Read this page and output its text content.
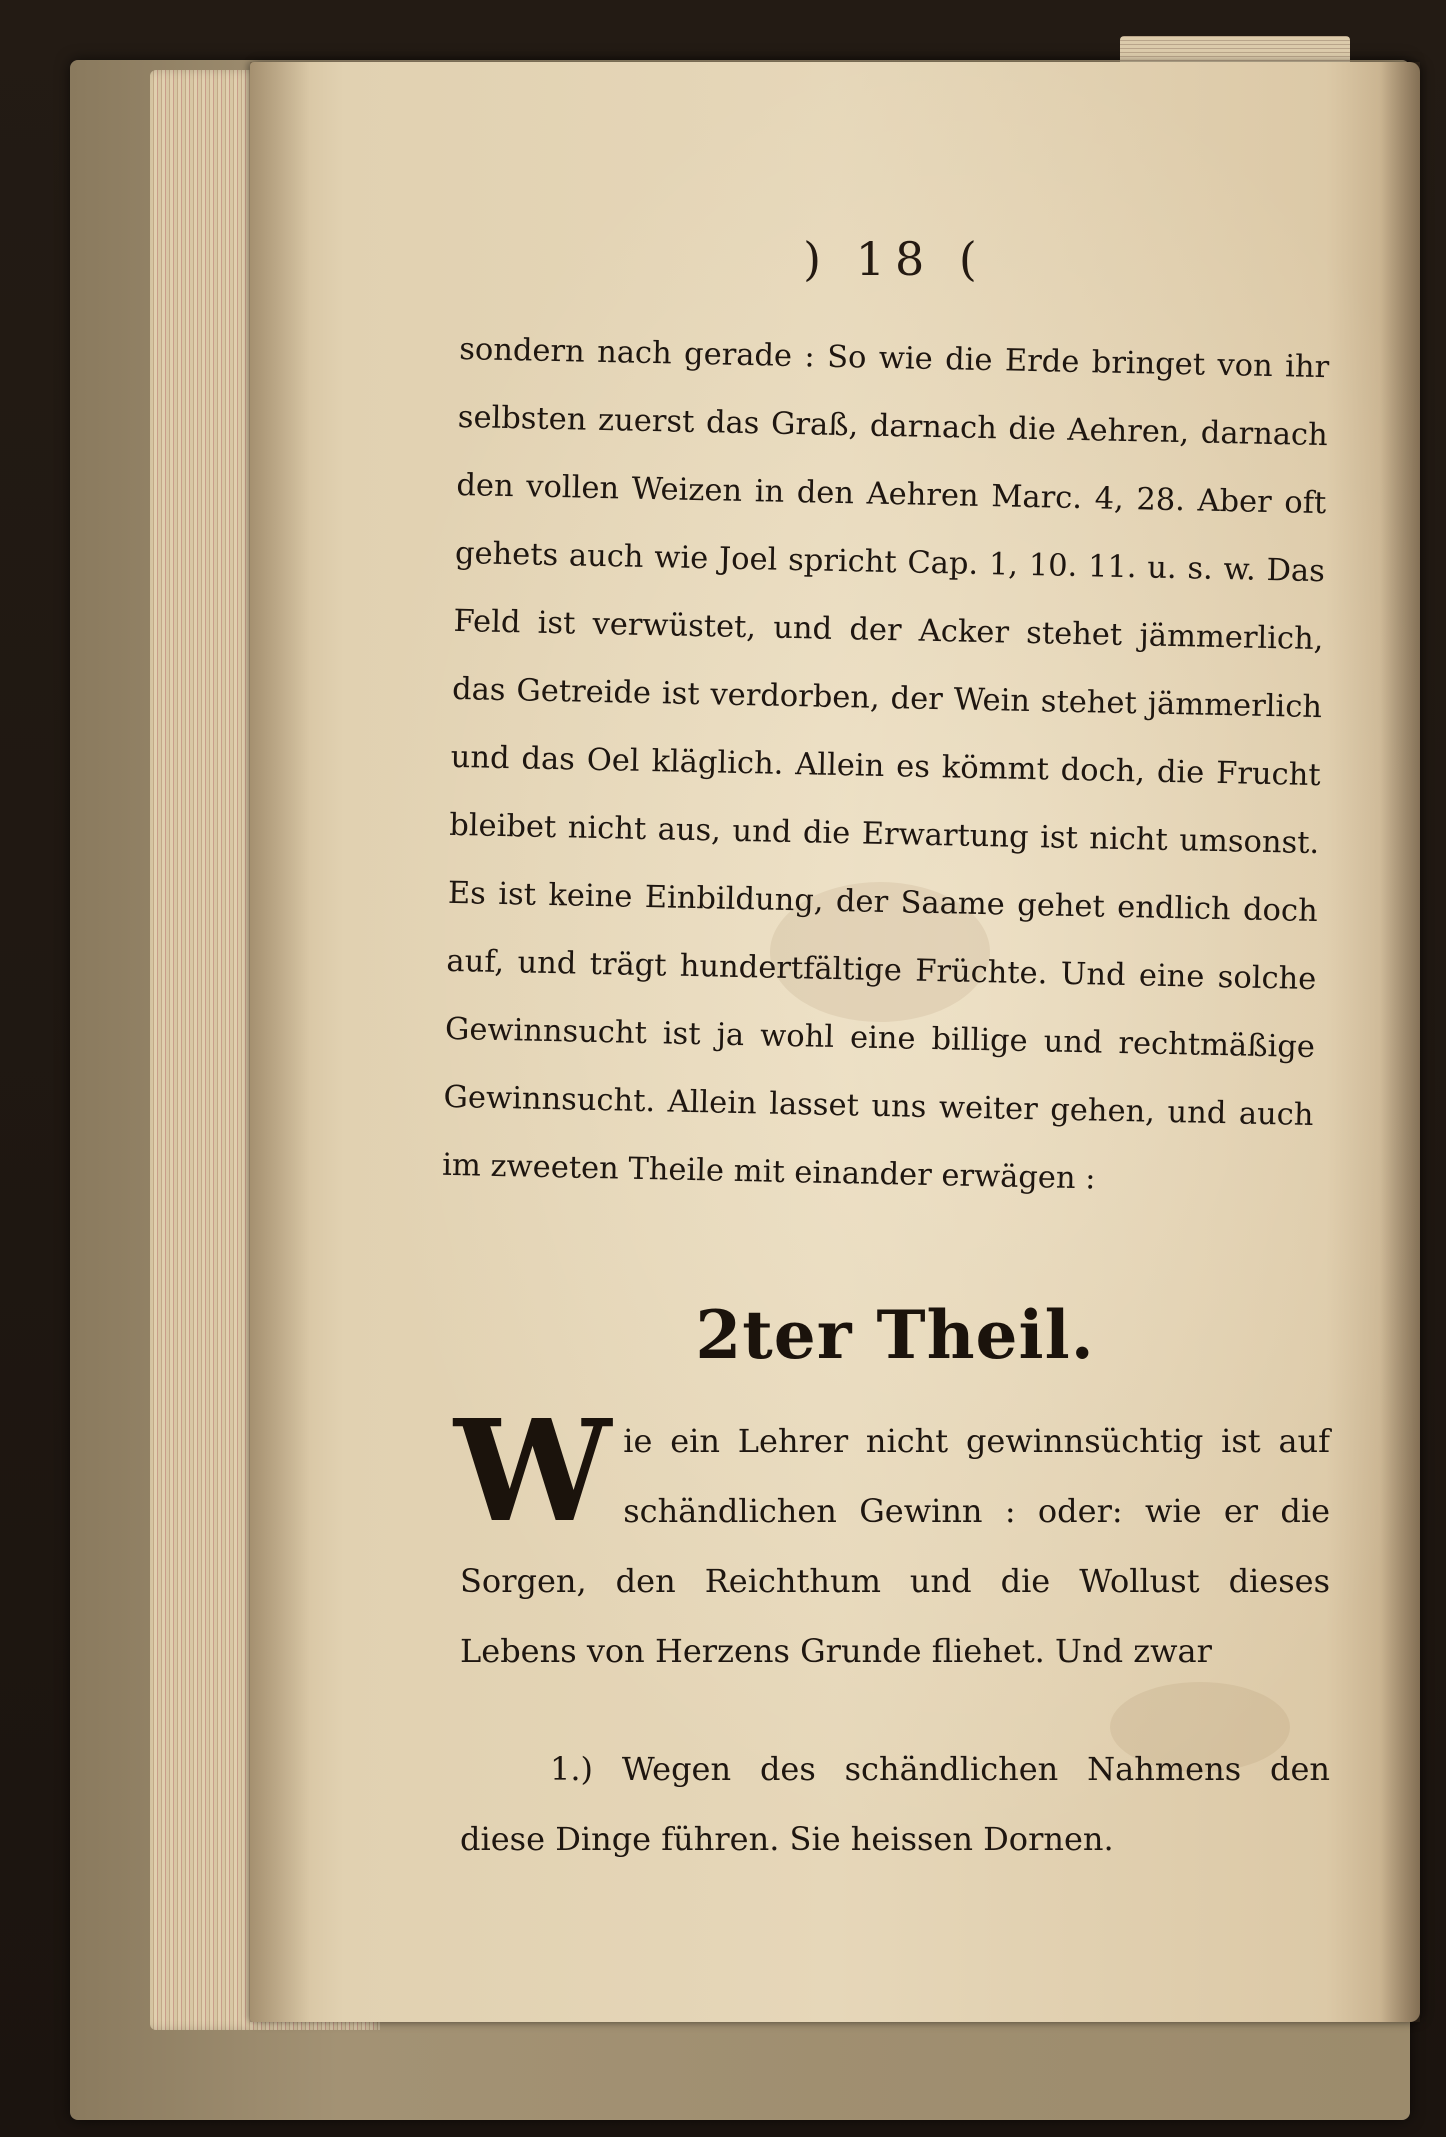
) 18 (

sondern nach gerade : So wie die Erde bringet von ihr selbsten zuerst das Graß, darnach die Aehren, darnach den vollen Weizen in den Aehren Marc. 4, 28. Aber oft gehets auch wie Joel spricht Cap. 1, 10. 11. u. s. w. Das Feld ist verwüstet, und der Acker stehet jämmerlich, das Getreide ist verdorben, der Wein stehet jämmerlich und das Oel kläglich. Allein es kömmt doch, die Frucht bleibet nicht aus, und die Erwartung ist nicht umsonst. Es ist keine Einbildung, der Saame gehet endlich doch auf, und trägt hundertfältige Früchte. Und eine solche Gewinnsucht ist ja wohl eine billige und rechtmäßige Gewinnsucht. Allein lasset uns weiter gehen, und auch im zweeten Theile mit einander erwägen :

2ter Theil.

W ie ein Lehrer nicht gewinnsüchtig ist auf schändlichen Gewinn : oder: wie er die Sorgen, den Reichthum und die Wollust dieses Lebens von Herzens Grunde fliehet. Und zwar

1.) Wegen des schändlichen Nahmens den diese Dinge führen. Sie heissen Dornen.
